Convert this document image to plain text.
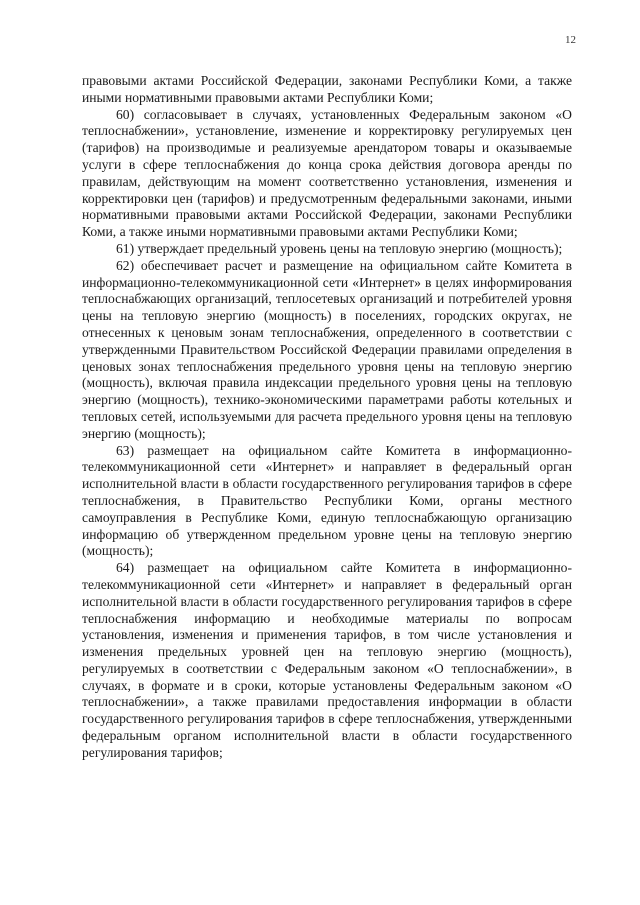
12

правовыми актами Российской Федерации, законами Республики Коми, а также иными нормативными правовыми актами Республики Коми;

60) согласовывает в случаях, установленных Федеральным законом «О теплоснабжении», установление, изменение и корректировку регулируемых цен (тарифов) на производимые и реализуемые арендатором товары и оказываемые услуги в сфере теплоснабжения до конца срока действия договора аренды по правилам, действующим на момент соответственно установления, изменения и корректировки цен (тарифов) и предусмотренным федеральными законами, иными нормативными правовыми актами Российской Федерации, законами Республики Коми, а также иными нормативными правовыми актами Республики Коми;

61) утверждает предельный уровень цены на тепловую энергию (мощность);

62) обеспечивает расчет и размещение на официальном сайте Комитета в информационно-телекоммуникационной сети «Интернет» в целях информирования теплоснабжающих организаций, теплосетевых организаций и потребителей уровня цены на тепловую энергию (мощность) в поселениях, городских округах, не отнесенных к ценовым зонам теплоснабжения, определенного в соответствии с утвержденными Правительством Российской Федерации правилами определения в ценовых зонах теплоснабжения предельного уровня цены на тепловую энергию (мощность), включая правила индексации предельного уровня цены на тепловую энергию (мощность), технико-экономическими параметрами работы котельных и тепловых сетей, используемыми для расчета предельного уровня цены на тепловую энергию (мощность);

63) размещает на официальном сайте Комитета в информационно-телекоммуникационной сети «Интернет» и направляет в федеральный орган исполнительной власти в области государственного регулирования тарифов в сфере теплоснабжения, в Правительство Республики Коми, органы местного самоуправления в Республике Коми, единую теплоснабжающую организацию информацию об утвержденном предельном уровне цены на тепловую энергию (мощность);

64) размещает на официальном сайте Комитета в информационно-телекоммуникационной сети «Интернет» и направляет в федеральный орган исполнительной власти в области государственного регулирования тарифов в сфере теплоснабжения информацию и необходимые материалы по вопросам установления, изменения и применения тарифов, в том числе установления и изменения предельных уровней цен на тепловую энергию (мощность), регулируемых в соответствии с Федеральным законом «О теплоснабжении», в случаях, в формате и в сроки, которые установлены Федеральным законом «О теплоснабжении», а также правилами предоставления информации в области государственного регулирования тарифов в сфере теплоснабжения, утвержденными федеральным органом исполнительной власти в области государственного регулирования тарифов;
